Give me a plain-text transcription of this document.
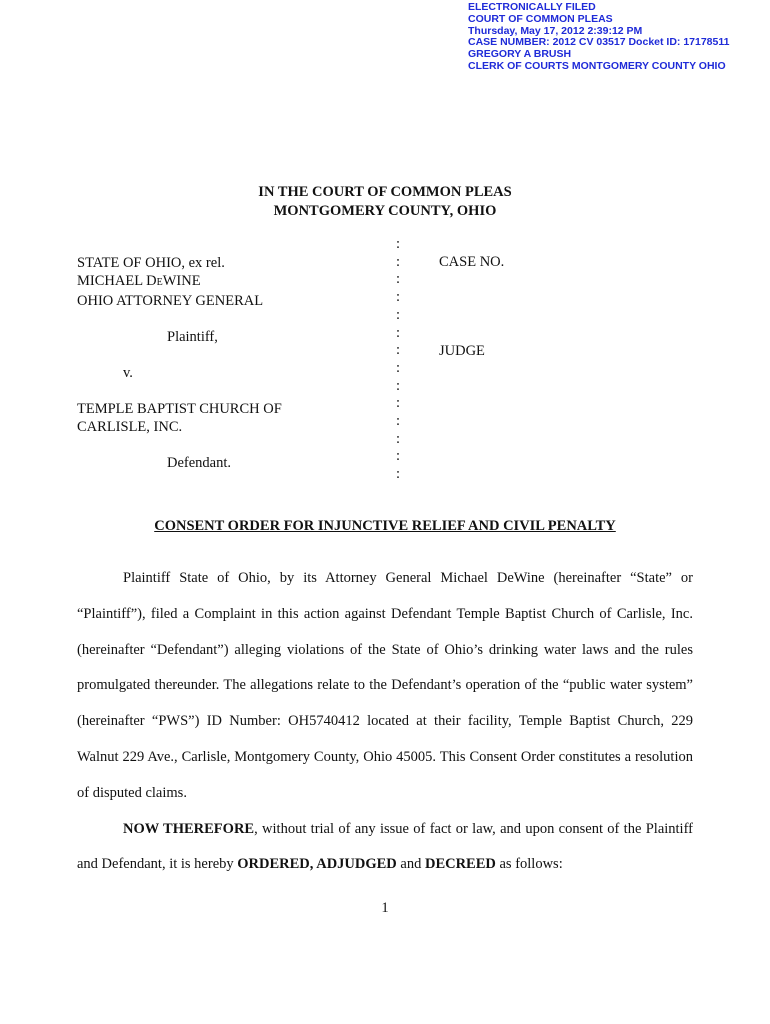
ELECTRONICALLY FILED
COURT OF COMMON PLEAS
Thursday, May 17, 2012 2:39:12 PM
CASE NUMBER: 2012 CV 03517 Docket ID: 17178511
GREGORY A BRUSH
CLERK OF COURTS MONTGOMERY COUNTY OHIO
IN THE COURT OF COMMON PLEAS
MONTGOMERY COUNTY, OHIO
STATE OF OHIO, ex rel.
MICHAEL DEWINE
OHIO ATTORNEY GENERAL
Plaintiff,
v.
TEMPLE BAPTIST CHURCH OF
CARLISLE, INC.
Defendant.
:
:
:
:
:
:
:
:
:
:
:
:
:
:
CASE NO.
JUDGE
CONSENT ORDER FOR INJUNCTIVE RELIEF AND CIVIL PENALTY

Plaintiff State of Ohio, by its Attorney General Michael DeWine (hereinafter “State” or “Plaintiff”), filed a Complaint in this action against Defendant Temple Baptist Church of Carlisle, Inc. (hereinafter “Defendant”) alleging violations of the State of Ohio’s drinking water laws and the rules promulgated thereunder. The allegations relate to the Defendant’s operation of the “public water system” (hereinafter “PWS”) ID Number: OH5740412 located at their facility, Temple Baptist Church, 229 Walnut 229 Ave., Carlisle, Montgomery County, Ohio 45005. This Consent Order constitutes a resolution of disputed claims.

NOW THEREFORE, without trial of any issue of fact or law, and upon consent of the Plaintiff and Defendant, it is hereby ORDERED, ADJUDGED and DECREED as follows:

1
